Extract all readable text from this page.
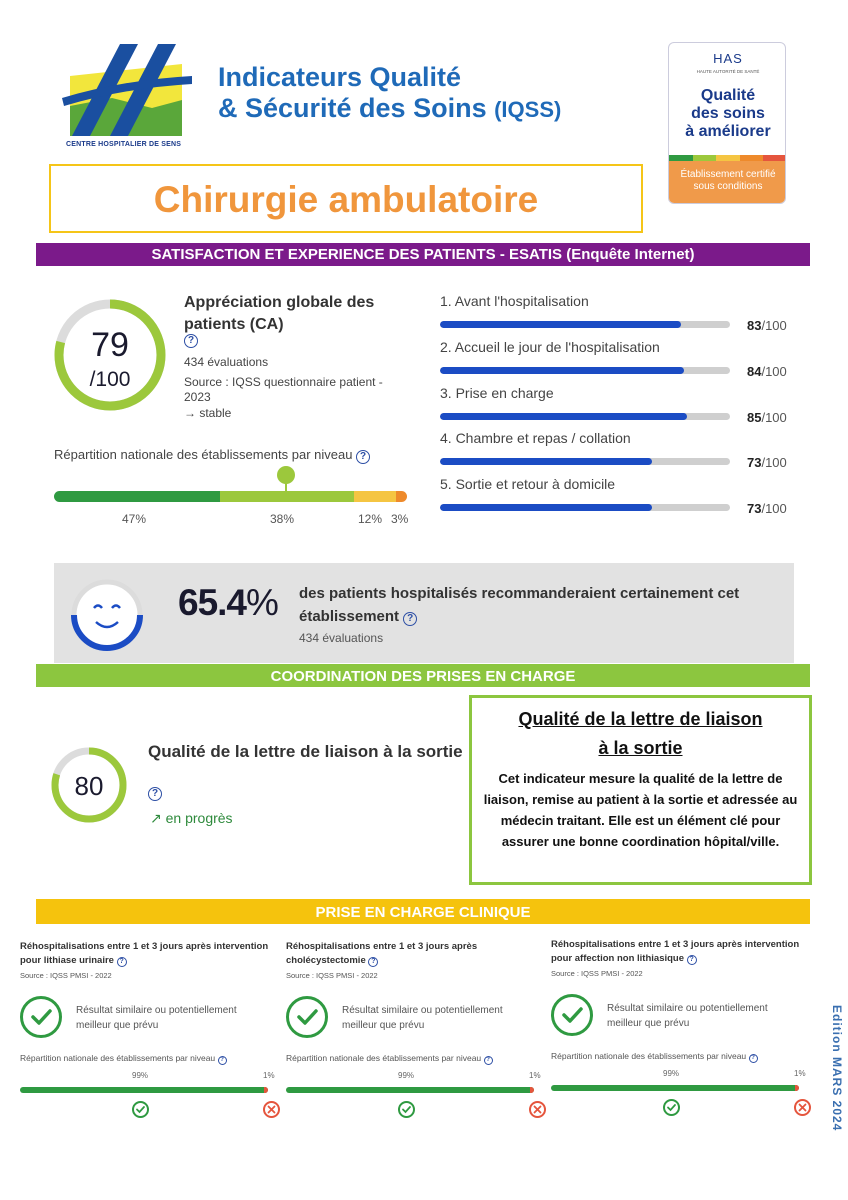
CENTRE HOSPITALIER DE SENS
Indicateurs Qualité
& Sécurité des Soins (IQSS)
HAS
HAUTE AUTORITÉ DE SANTÉ
Qualité
des soins
à améliorer
Établissement certifié
sous conditions
Chirurgie ambulatoire
SATISFACTION ET EXPERIENCE DES PATIENTS - ESATIS (Enquête Internet)
79
/100
Appréciation globale des patients (CA)
?
434 évaluations
Source : IQSS questionnaire patient - 2023
→ stable
Répartition nationale des établissements par niveau ?
47%	38%	12% 3%
1. Avant l'hospitalisation
83/100
2. Accueil le jour de l'hospitalisation
84/100
3. Prise en charge
85/100
4. Chambre et repas / collation
73/100
5. Sortie et retour à domicile
73/100
65.4% des patients hospitalisés recommanderaient certainement cet établissement ?
434 évaluations
COORDINATION DES PRISES EN CHARGE
80
Qualité de la lettre de liaison à la sortie
?
↗ en progrès
Qualité de la lettre de liaison
à la sortie
Cet indicateur mesure la qualité de la lettre de liaison, remise au patient à la sortie et adressée au médecin traitant. Elle est un élément clé pour assurer une bonne coordination hôpital/ville.
PRISE EN CHARGE CLINIQUE
Réhospitalisations entre 1 et 3 jours après intervention pour lithiase urinaire ?
Source : IQSS PMSI - 2022
Résultat similaire ou potentiellement meilleur que prévu
Répartition nationale des établissements par niveau ?
99%	1%
Réhospitalisations entre 1 et 3 jours après cholécystectomie ?
Source : IQSS PMSI - 2022
Résultat similaire ou potentiellement meilleur que prévu
Répartition nationale des établissements par niveau ?
99%	1%
Réhospitalisations entre 1 et 3 jours après intervention pour affection non lithiasique ?
Source : IQSS PMSI - 2022
Résultat similaire ou potentiellement meilleur que prévu
Répartition nationale des établissements par niveau ?
99%	1% Edition MARS 2024
